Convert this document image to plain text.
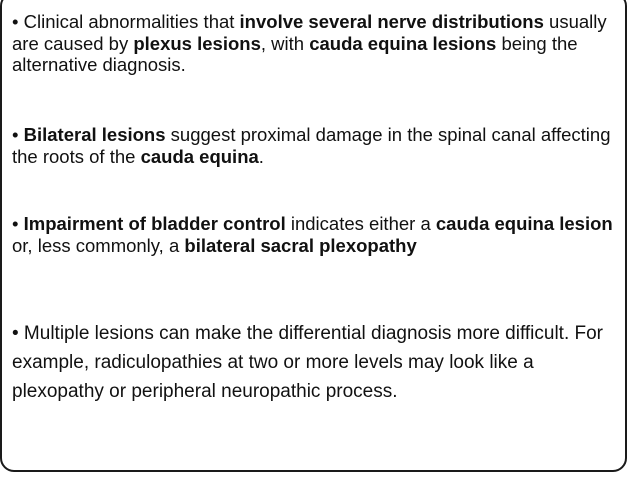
• Clinical abnormalities that involve several nerve distributions usually are caused by plexus lesions, with cauda equina lesions being the alternative diagnosis.

• Bilateral lesions suggest proximal damage in the spinal canal affecting the roots of the cauda equina.

• Impairment of bladder control indicates either a cauda equina lesion or, less commonly, a bilateral sacral plexopathy

• Multiple lesions can make the differential diagnosis more difficult. For example, radiculopathies at two or more levels may look like a plexopathy or peripheral neuropathic process.
